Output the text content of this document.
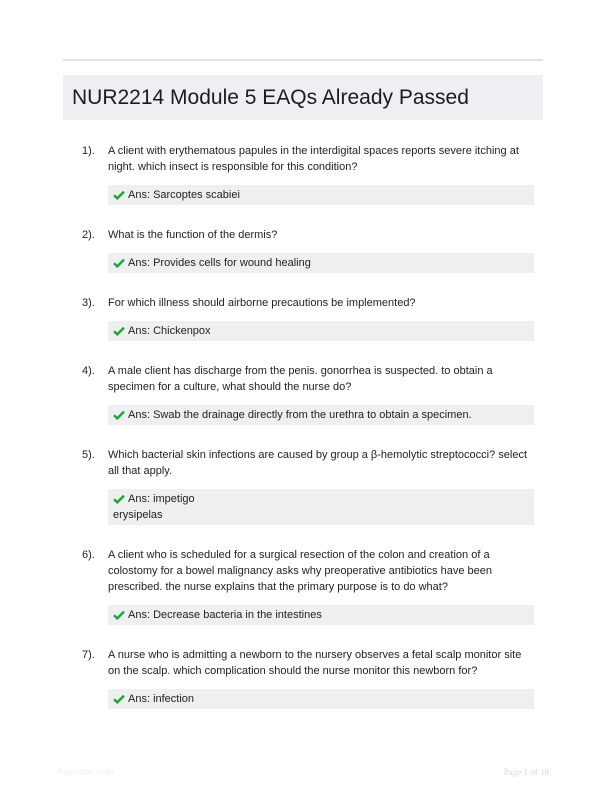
NUR2214 Module 5 EAQs Already Passed
1). A client with erythematous papules in the interdigital spaces reports severe itching at night. which insect is responsible for this condition?
Ans: Sarcoptes scabiei
2). What is the function of the dermis?
Ans: Provides cells for wound healing
3). For which illness should airborne precautions be implemented?
Ans: Chickenpox
4). A male client has discharge from the penis. gonorrhea is suspected. to obtain a specimen for a culture, what should the nurse do?
Ans: Swab the drainage directly from the urethra to obtain a specimen.
5). Which bacterial skin infections are caused by group a β-hemolytic streptococci? select all that apply.
Ans: impetigo
erysipelas
6). A client who is scheduled for a surgical resection of the colon and creation of a colostomy for a bowel malignancy asks why preoperative antibiotics have been prescribed. the nurse explains that the primary purpose is to do what?
Ans: Decrease bacteria in the intestines
7). A nurse who is admitting a newborn to the nursery observes a fetal scalp monitor site on the scalp. which complication should the nurse monitor this newborn for?
Ans: infection
Paperblic.com	Page 1 of 18
